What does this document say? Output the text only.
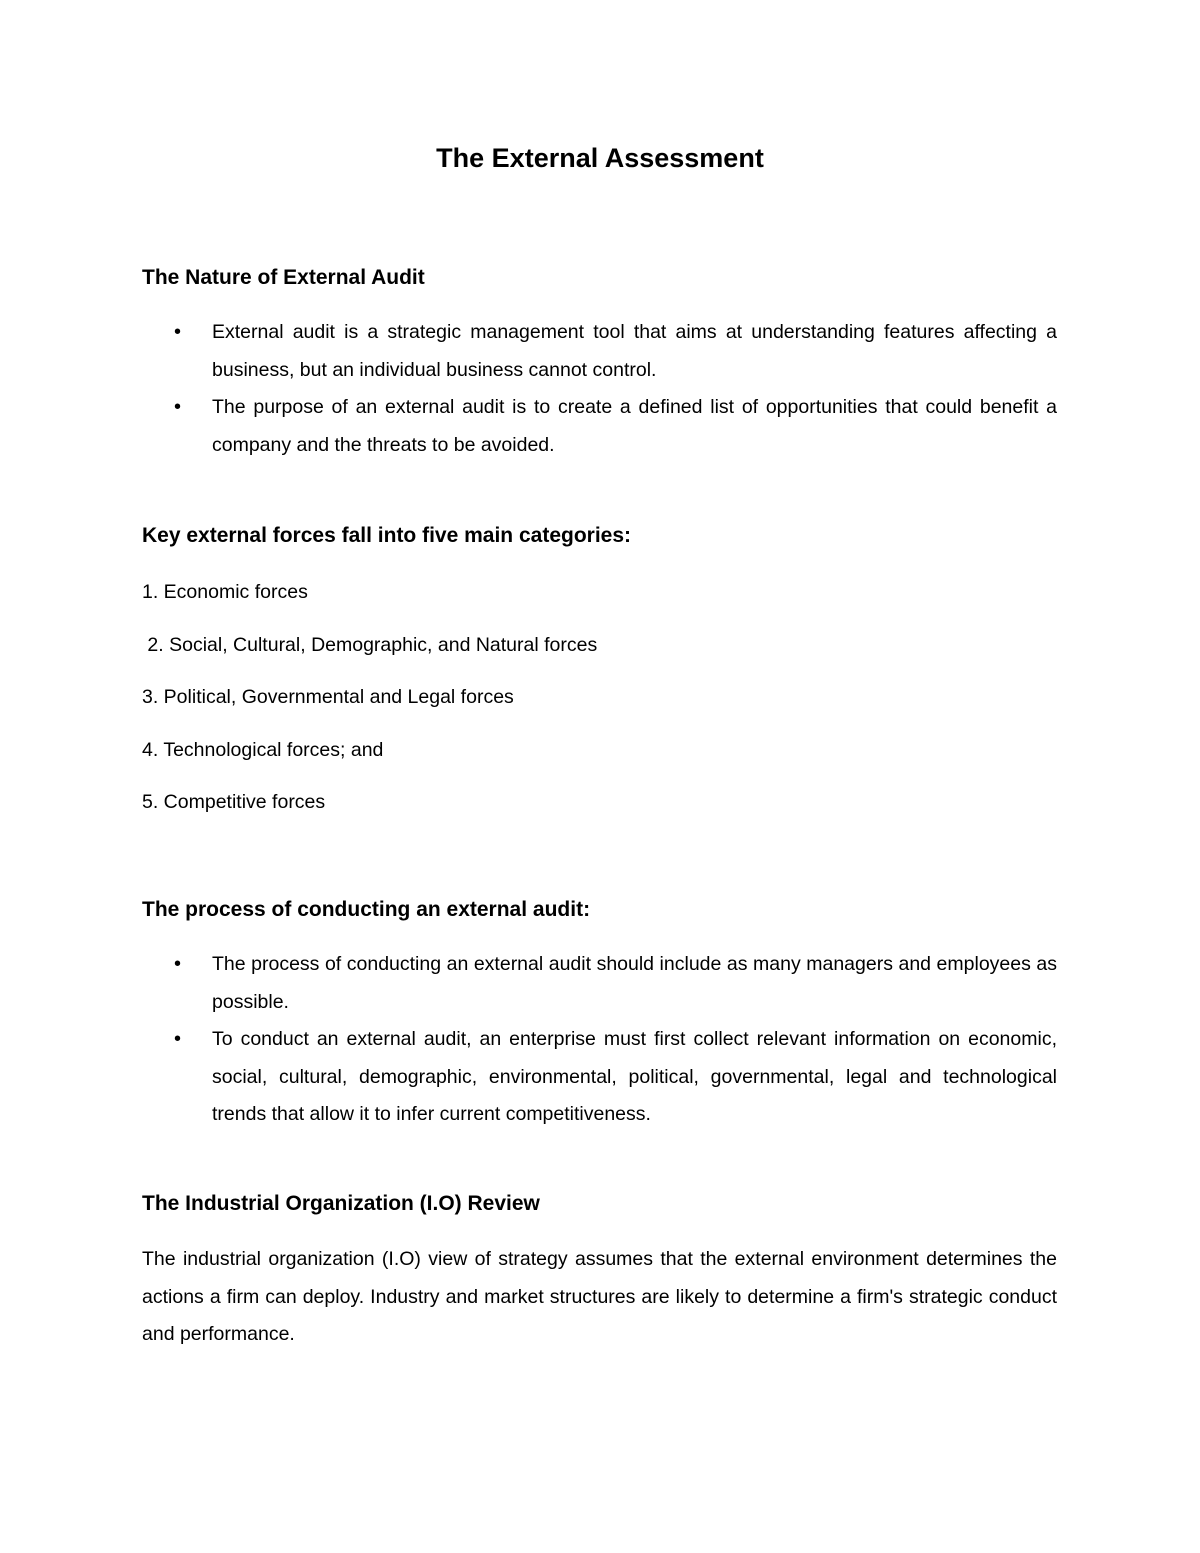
The External Assessment
The Nature of External Audit
• External audit is a strategic management tool that aims at understanding features affecting a business, but an individual business cannot control.
• The purpose of an external audit is to create a defined list of opportunities that could benefit a company and the threats to be avoided.
Key external forces fall into five main categories:
1. Economic forces
2. Social, Cultural, Demographic, and Natural forces
3. Political, Governmental and Legal forces
4. Technological forces; and
5. Competitive forces
The process of conducting an external audit:
• The process of conducting an external audit should include as many managers and employees as possible.
• To conduct an external audit, an enterprise must first collect relevant information on economic, social, cultural, demographic, environmental, political, governmental, legal and technological trends that allow it to infer current competitiveness.
The Industrial Organization (I.O) Review

The industrial organization (I.O) view of strategy assumes that the external environment determines the actions a firm can deploy. Industry and market structures are likely to determine a firm's strategic conduct and performance.
